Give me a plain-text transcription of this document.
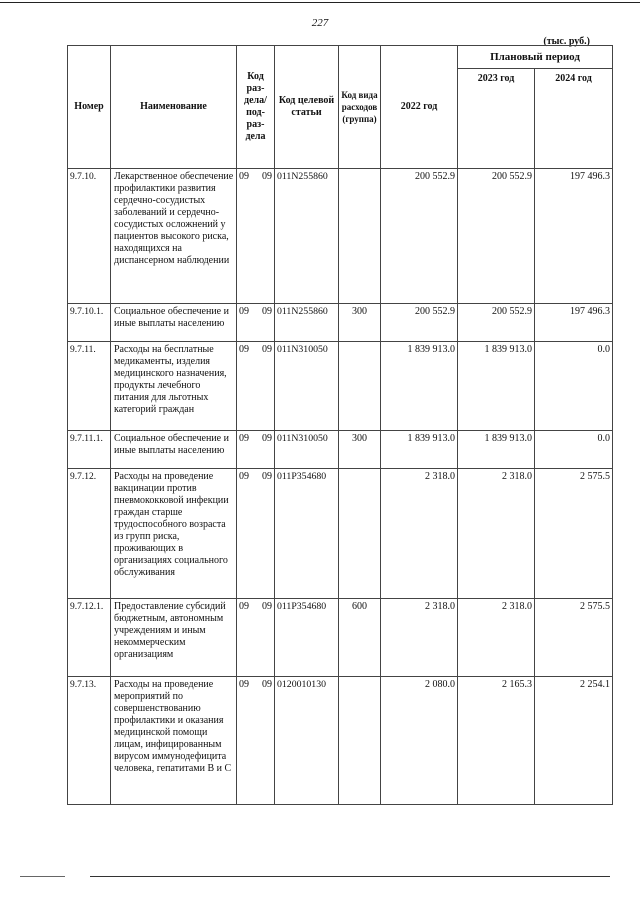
227
(тыс. руб.)
Номер	Наименование	Код раз-дела/ под-раз-дела	Код целевой статьи	Код вида расходов (группа)	2022 год	Плановый период	
						2023 год	2024 год
9.7.10.	Лекарственное обеспечение профилактики развития сердечно-сосудистых заболеваний и сердечно-сосудистых осложнений у пациентов высокого риска, находящихся на диспансерном наблюдении	09 09	011N255860		200 552.9	200 552.9	197 496.3
9.7.10.1.	Социальное обеспечение и иные выплаты населению	09 09	011N255860	300	200 552.9	200 552.9	197 496.3
9.7.11.	Расходы на бесплатные медикаменты, изделия медицинского назначения, продукты лечебного питания для льготных категорий граждан	09 09	011N310050		1 839 913.0	1 839 913.0	0.0
9.7.11.1.	Социальное обеспечение и иные выплаты населению	09 09	011N310050	300	1 839 913.0	1 839 913.0	0.0
9.7.12.	Расходы на проведение вакцинации против пневмококковой инфекции граждан старше трудоспособного возраста из групп риска, проживающих в организациях социального обслуживания	09 09	011P354680		2 318.0	2 318.0	2 575.5
9.7.12.1.	Предоставление субсидий бюджетным, автономным учреждениям и иным некоммерческим организациям	09 09	011P354680	600	2 318.0	2 318.0	2 575.5
9.7.13.	Расходы на проведение мероприятий по совершенствованию профилактики и оказания медицинской помощи лицам, инфицированным вирусом иммунодефицита человека, гепатитами В и С	09 09	0120010130		2 080.0	2 165.3	2 254.1
